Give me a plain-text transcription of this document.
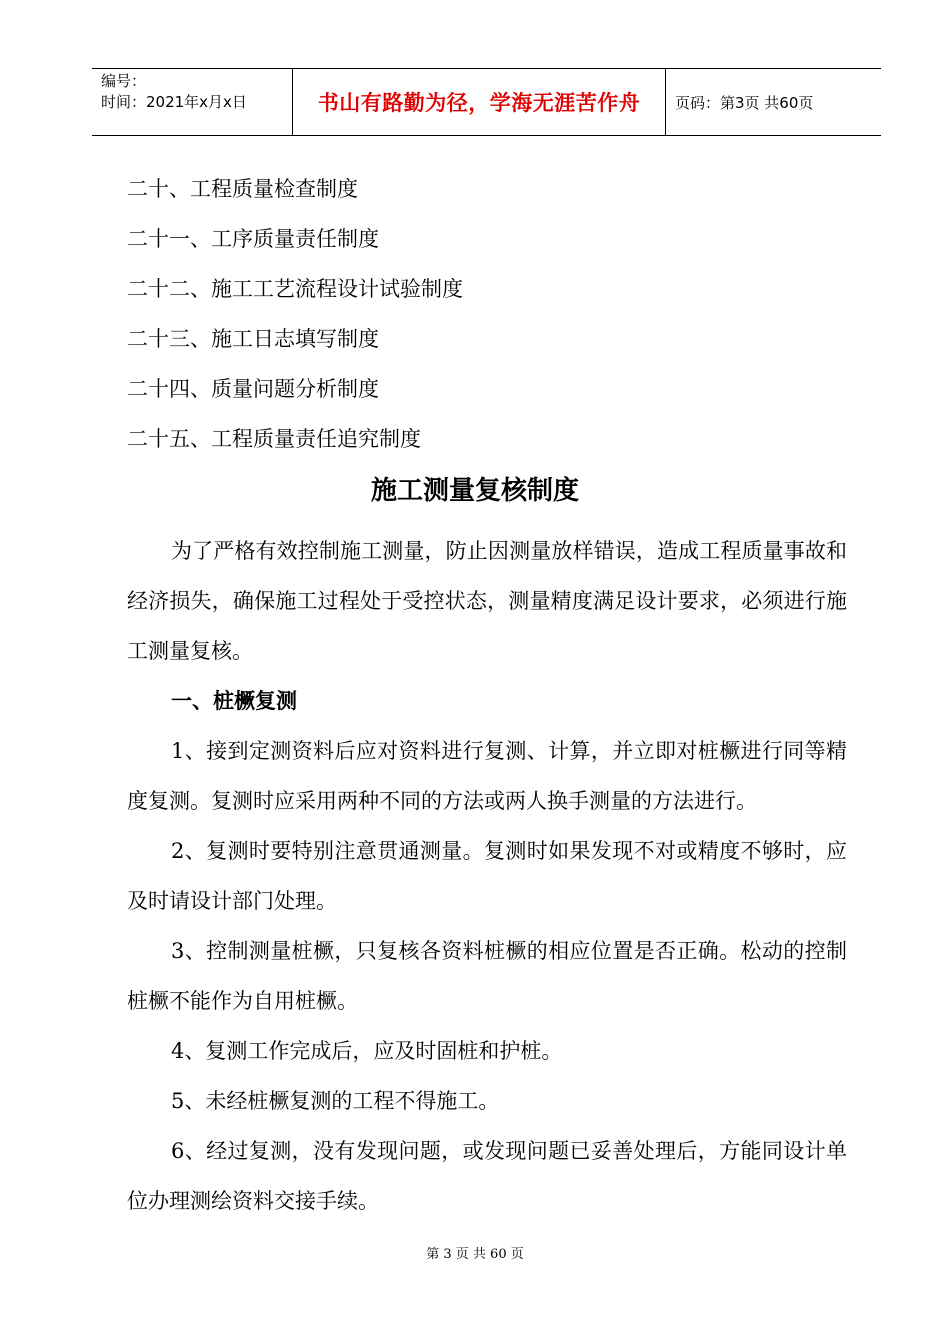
编号：
时间：2021年x月x日	书山有路勤为径，学海无涯苦作舟 页码：第3页 共60页
二十、工程质量检查制度
二十一、工序质量责任制度
二十二、施工工艺流程设计试验制度
二十三、施工日志填写制度
二十四、质量问题分析制度
二十五、工程质量责任追究制度
施工测量复核制度
为了严格有效控制施工测量，防止因测量放样错误，造成工程质量事故和经济损失，确保施工过程处于受控状态，测量精度满足设计要求，必须进行施工测量复核。
一、桩橛复测
1、接到定测资料后应对资料进行复测、计算，并立即对桩橛进行同等精度复测。复测时应采用两种不同的方法或两人换手测量的方法进行。
2、复测时要特别注意贯通测量。复测时如果发现不对或精度不够时，应及时请设计部门处理。
3、控制测量桩橛，只复核各资料桩橛的相应位置是否正确。松动的控制桩橛不能作为自用桩橛。
4、复测工作完成后，应及时固桩和护桩。
5、未经桩橛复测的工程不得施工。
6、经过复测，没有发现问题，或发现问题已妥善处理后，方能同设计单位办理测绘资料交接手续。
第 3 页 共 60 页
